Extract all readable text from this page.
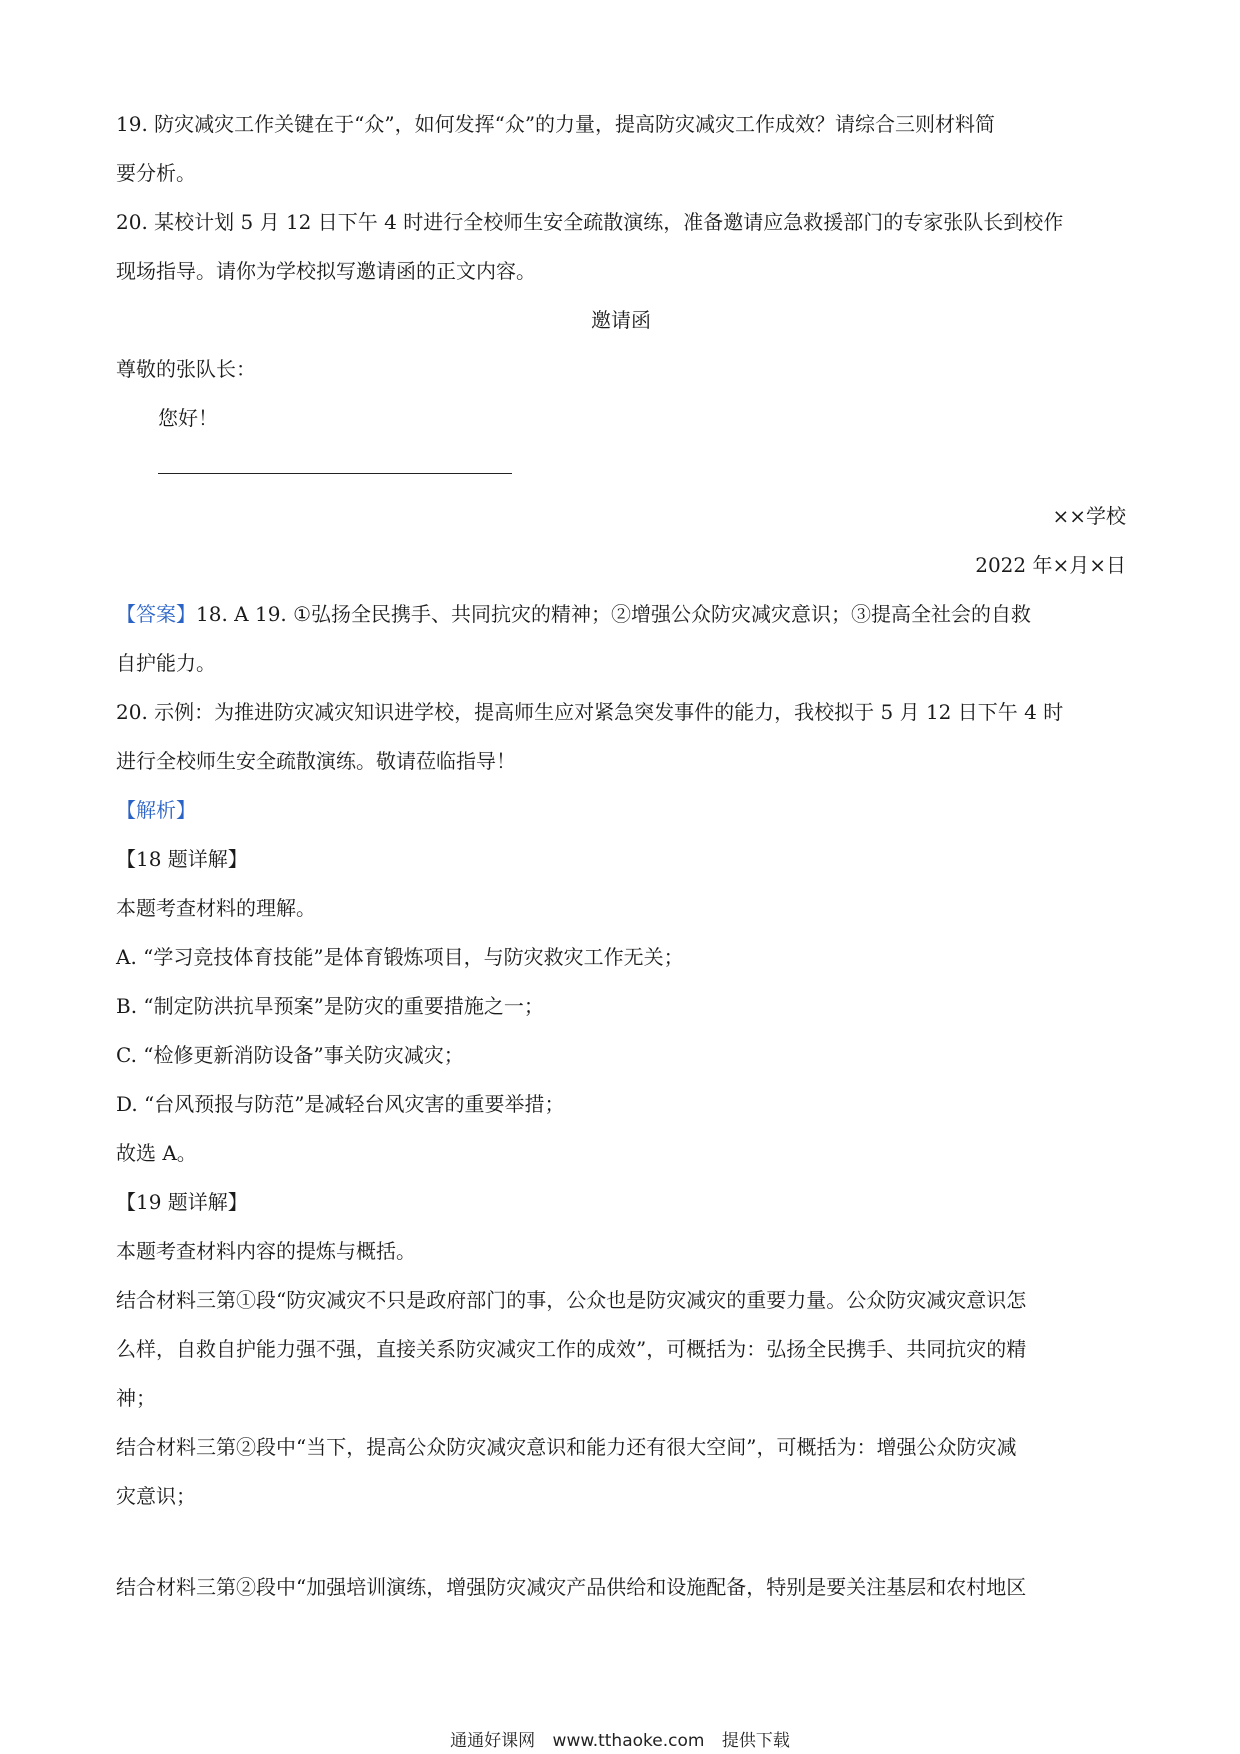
19. 防灾减灾工作关键在于“众”，如何发挥“众”的力量，提高防灾减灾工作成效？请综合三则材料简
要分析。
20. 某校计划 5 月 12 日下午 4 时进行全校师生安全疏散演练，准备邀请应急救援部门的专家张队长到校作
现场指导。请你为学校拟写邀请函的正文内容。
邀请函
尊敬的张队长：
您好！
××学校
2022 年×月×日
【答案】18. A 19. ①弘扬全民携手、共同抗灾的精神；②增强公众防灾减灾意识；③提高全社会的自救
自护能力。
20. 示例：为推进防灾减灾知识进学校，提高师生应对紧急突发事件的能力，我校拟于 5 月 12 日下午 4 时
进行全校师生安全疏散演练。敬请莅临指导！
【解析】
【18 题详解】
本题考查材料的理解。
A. “学习竞技体育技能”是体育锻炼项目，与防灾救灾工作无关；
B. “制定防洪抗旱预案”是防灾的重要措施之一；
C. “检修更新消防设备”事关防灾减灾；
D. “台风预报与防范”是减轻台风灾害的重要举措；
故选 A。
【19 题详解】
本题考查材料内容的提炼与概括。
结合材料三第①段“防灾减灾不只是政府部门的事，公众也是防灾减灾的重要力量。公众防灾减灾意识怎
么样，自救自护能力强不强，直接关系防灾减灾工作的成效”，可概括为：弘扬全民携手、共同抗灾的精
神；
结合材料三第②段中“当下，提高公众防灾减灾意识和能力还有很大空间”，可概括为：增强公众防灾减
灾意识；
结合材料三第②段中“加强培训演练，增强防灾减灾产品供给和设施配备，特别是要关注基层和农村地区
通通好课网 www.tthaoke.com 提供下载
